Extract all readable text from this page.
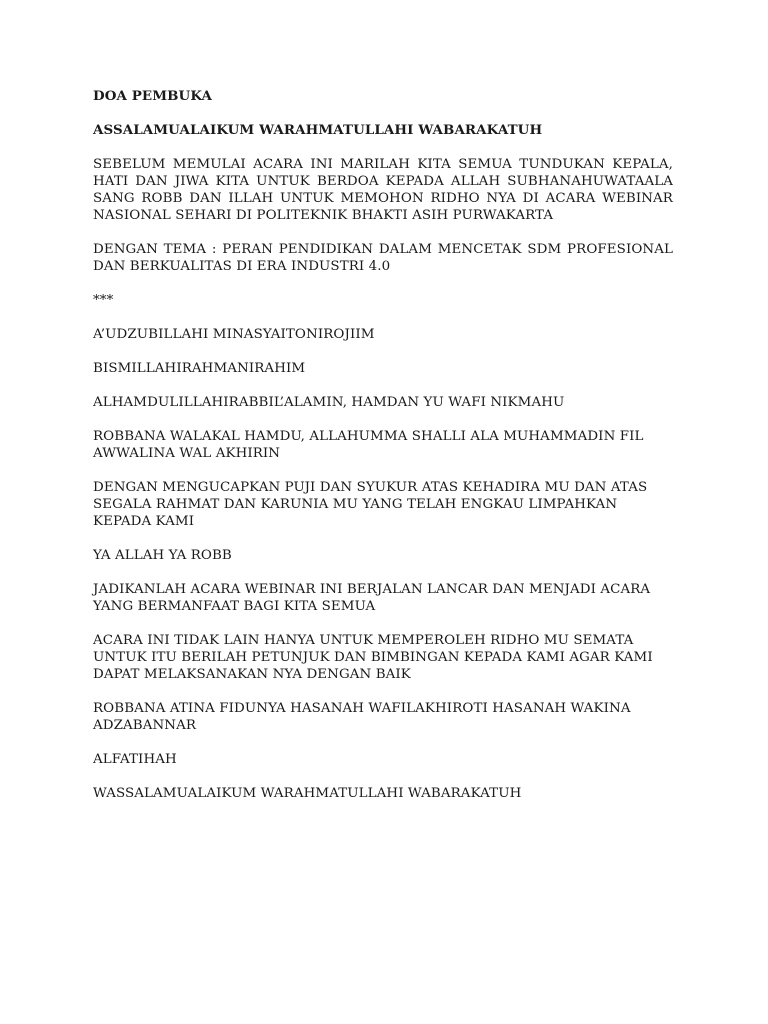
DOA PEMBUKA

ASSALAMUALAIKUM WARAHMATULLAHI WABARAKATUH

SEBELUM MEMULAI ACARA INI MARILAH KITA SEMUA TUNDUKAN KEPALA, HATI DAN JIWA KITA UNTUK BERDOA KEPADA ALLAH SUBHANAHUWATAALA SANG ROBB DAN ILLAH UNTUK MEMOHON RIDHO NYA DI ACARA WEBINAR NASIONAL SEHARI DI POLITEKNIK BHAKTI ASIH PURWAKARTA

DENGAN TEMA : PERAN PENDIDIKAN DALAM MENCETAK SDM PROFESIONAL DAN BERKUALITAS DI ERA INDUSTRI 4.0

***

A’UDZUBILLAHI MINASYAITONIROJIIM

BISMILLAHIRAHMANIRAHIM

ALHAMDULILLAHIRABBIL’ALAMIN, HAMDAN YU WAFI NIKMAHU

ROBBANA WALAKAL HAMDU, ALLAHUMMA SHALLI ALA MUHAMMADIN FIL AWWALINA WAL AKHIRIN

DENGAN MENGUCAPKAN PUJI DAN SYUKUR ATAS KEHADIRA MU DAN ATAS SEGALA RAHMAT DAN KARUNIA MU YANG TELAH ENGKAU LIMPAHKAN KEPADA KAMI

YA ALLAH YA ROBB

JADIKANLAH ACARA WEBINAR INI BERJALAN LANCAR DAN MENJADI ACARA YANG BERMANFAAT BAGI KITA SEMUA

ACARA INI TIDAK LAIN HANYA UNTUK MEMPEROLEH RIDHO MU SEMATA UNTUK ITU BERILAH PETUNJUK DAN BIMBINGAN KEPADA KAMI AGAR KAMI DAPAT MELAKSANAKAN NYA DENGAN BAIK

ROBBANA ATINA FIDUNYA HASANAH WAFILAKHIROTI HASANAH WAKINA ADZABANNAR

ALFATIHAH

WASSALAMUALAIKUM WARAHMATULLAHI WABARAKATUH
